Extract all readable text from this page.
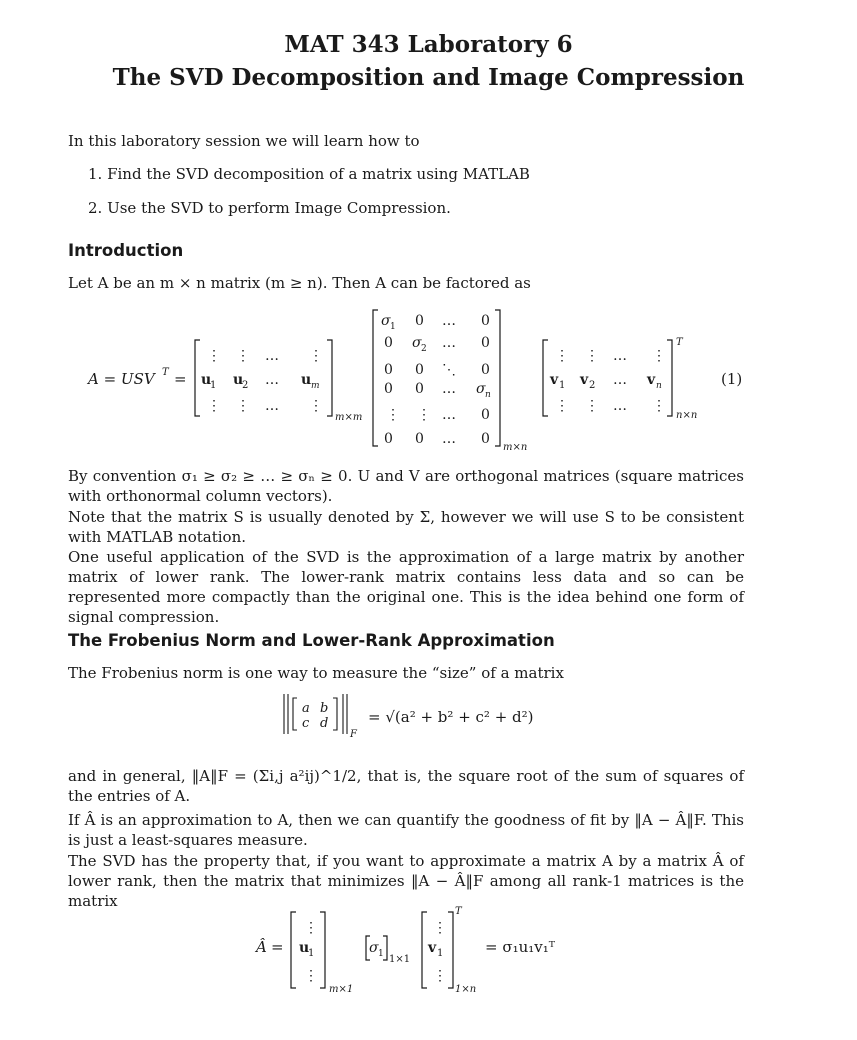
MAT 343 Laboratory 6
The SVD Decomposition and Image Compression
In this laboratory session we will learn how to
1. Find the SVD decomposition of a matrix using MATLAB
2. Use the SVD to perform Image Compression.
Introduction
Let A be an m × n matrix (m ≥ n). Then A can be factored as
A = USV T =
⋮ ⋮ … ⋮
u
1 u
2 … u m
⋮ ⋮ … ⋮
m×m
σ 1 0 … 0
0 σ 2 … 0
0 0 ⋱ 0
0 0 … σ n
⋮ ⋮ … 0
0 0 … 0
m×n
⋮ ⋮ … ⋮
v 1 v 2 … v n
⋮ ⋮ … ⋮
T
n×n
(1)
By convention σ₁ ≥ σ₂ ≥ … ≥ σₙ ≥ 0. U and V are orthogonal matrices (square matrices with orthonormal column vectors).
Note that the matrix S is usually denoted by Σ, however we will use S to be consistent with MATLAB notation.
One useful application of the SVD is the approximation of a large matrix by another matrix of lower rank. The lower-rank matrix contains less data and so can be represented more compactly than the original one. This is the idea behind one form of signal compression.
The Frobenius Norm and Lower-Rank Approximation
The Frobenius norm is one way to measure the “size” of a matrix
a b
c d
F
= √(a² + b² + c² + d²)
and in general, ‖A‖F = (Σi,j a²ij)^1/2, that is, the square root of the sum of squares of the entries of A.
If Â is an approximation to A, then we can quantify the goodness of fit by ‖A − Â‖F. This is just a least-squares measure.
The SVD has the property that, if you want to approximate a matrix A by a matrix Â of lower rank, then the matrix that minimizes ‖A − Â‖F among all rank-1 matrices is the matrix
Â =
⋮
u
1
⋮
m×1
σ 1 1×1
⋮
v 1
⋮
T
1×n
= σ₁u₁v₁ᵀ
